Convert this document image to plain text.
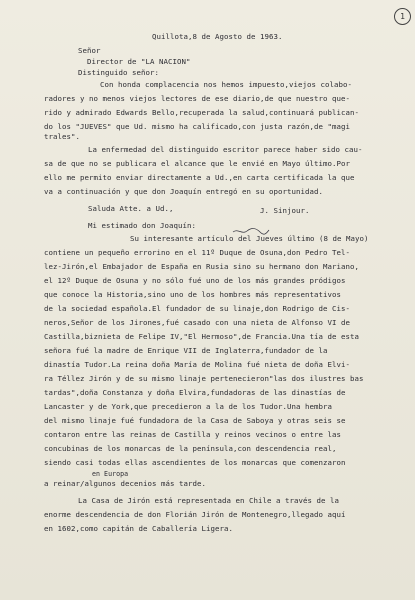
1
Quillota,8 de Agosto de 1963.
Señor
Director de "LA NACION"
Distinguido señor:
Con honda complacencia nos hemos impuesto,viejos colabo-
radores y no menos viejos lectores de ese diario,de que nuestro que-
rido y admirado Edwards Bello,recuperada la salud,continuará publican-
do los "JUEVES" que Ud. mismo ha calificado,con justa razón,de "magi
trales".
La enfermedad del distinguido escritor parece haber sido cau-
sa de que no se publicara el alcance que le envié en Mayo último.Por
ello me permito enviar directamente a Ud.,en carta certificada la que
va a continuación y que don Joaquín entregó en su oportunidad.
Saluda Atte. a Ud.,	J. Sinjour.
Mi estimado don Joaquín:
Su interesante artículo del Jueves último (8 de Mayo)
contiene un pequeño errorino en el 11º Duque de Osuna,don Pedro Tel-
lez-Jirón,el Embajador de España en Rusia sino su hermano don Mariano,
el 12º Duque de Osuna y no sólo fué uno de los más grandes pródigos
que conoce la Historia,sino uno de los hombres más representativos
de la sociedad española.El fundador de su linaje,don Rodrigo de Cis-
neros,Señor de los Jirones,fué casado con una nieta de Alfonso VI de
Castilla,biznieta de Felipe IV,"El Hermoso",de Francia.Una tía de esta
señora fué la madre de Enrique VII de Inglaterra,fundador de la
dinastía Tudor.La reina doña María de Molina fué nieta de doña Elvi-
ra Téllez Jirón y de su mismo linaje pertenecieron"las dos ilustres bas
tardas",doña Constanza y doña Elvira,fundadoras de las dinastías de
Lancaster y de York,que precedieron a la de los Tudor.Una hembra
del mismo linaje fué fundadora de la Casa de Saboya y otras seis se
contaron entre las reinas de Castilla y reinos vecinos o entre las
concubinas de los monarcas de la península,con descendencia real,
siendo casi todas ellas ascendientes de los monarcas que comenzaron
en Europa
a reinar/algunos decenios más tarde.
La Casa de Jirón está representada en Chile a través de la
enorme descendencia de don Florián Jirón de Montenegro,llegado aquí
en 1602,como capitán de Caballería Ligera.
